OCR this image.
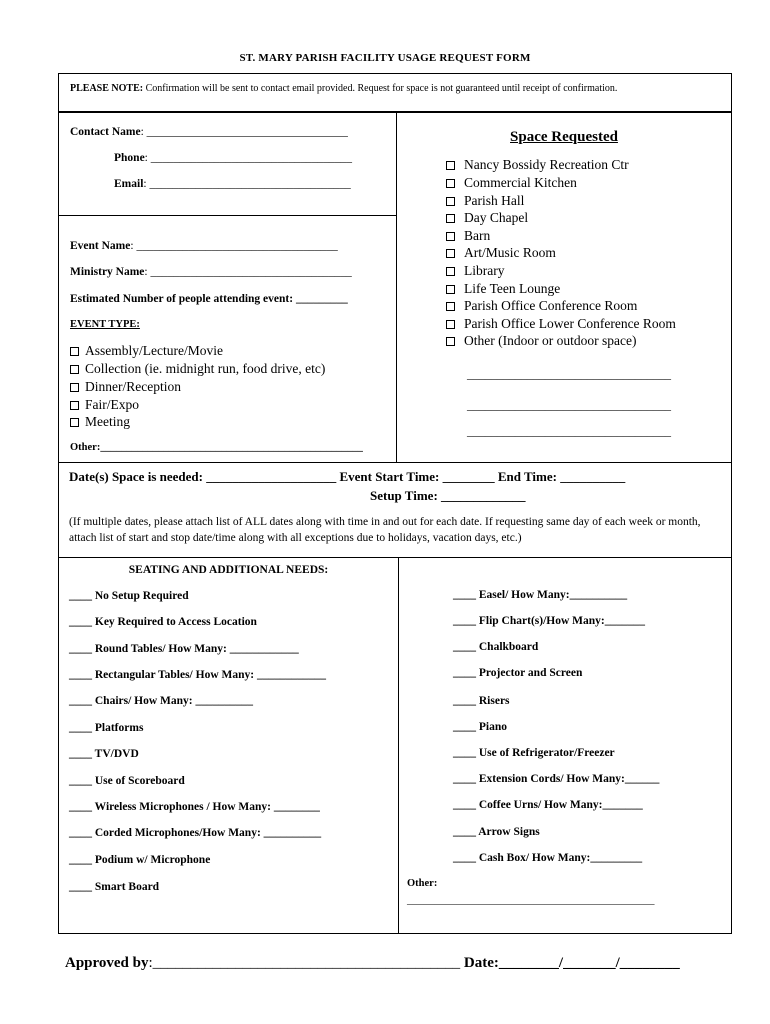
ST. MARY PARISH FACILITY USAGE REQUEST FORM
PLEASE NOTE: Confirmation will be sent to contact email provided. Request for space is not guaranteed until receipt of confirmation.
Contact Name: ___________________________________
Phone: ___________________________________
Email: ___________________________________
Event Name: ___________________________________
Ministry Name: ___________________________________
Estimated Number of people attending event: _________
EVENT TYPE:
Assembly/Lecture/Movie
Collection (ie. midnight run, food drive, etc)
Dinner/Reception
Fair/Expo
Meeting
Other:__________________________________________________
Space Requested
Nancy Bossidy Recreation Ctr
Commercial Kitchen
Parish Hall
Day Chapel
Barn
Art/Music Room
Library
Life Teen Lounge
Parish Office Conference Room
Parish Office Lower Conference Room
Other (Indoor or outdoor space)
__________________________________
__________________________________
__________________________________
Date(s) Space is needed: ____________________ Event Start Time: ________ End Time: __________
Setup Time: _____________
(If multiple dates, please attach list of ALL dates along with time in and out for each date. If requesting same day of each week or month, attach list of start and stop date/time along with all exceptions due to holidays, vacation days, etc.)
SEATING AND ADDITIONAL NEEDS:
____ No Setup Required
____ Key Required to Access Location
____ Round Tables/ How Many: ____________
____ Rectangular Tables/ How Many: ____________
____ Chairs/ How Many: __________
____ Platforms
____ TV/DVD
____ Use of Scoreboard
____ Wireless Microphones / How Many: ________
____ Corded Microphones/How Many: __________
____ Podium w/ Microphone
____ Smart Board
____ Easel/ How Many:__________
____ Flip Chart(s)/How Many:_______
____ Chalkboard
____ Projector and Screen
____ Risers
____ Piano
____ Use of Refrigerator/Freezer
____ Extension Cords/ How Many:______
____ Coffee Urns/ How Many:_______
____ Arrow Signs
____ Cash Box/ How Many:_________
Other:
_____________________________________________
Approved by:_________________________________________ Date:________/_______/________
